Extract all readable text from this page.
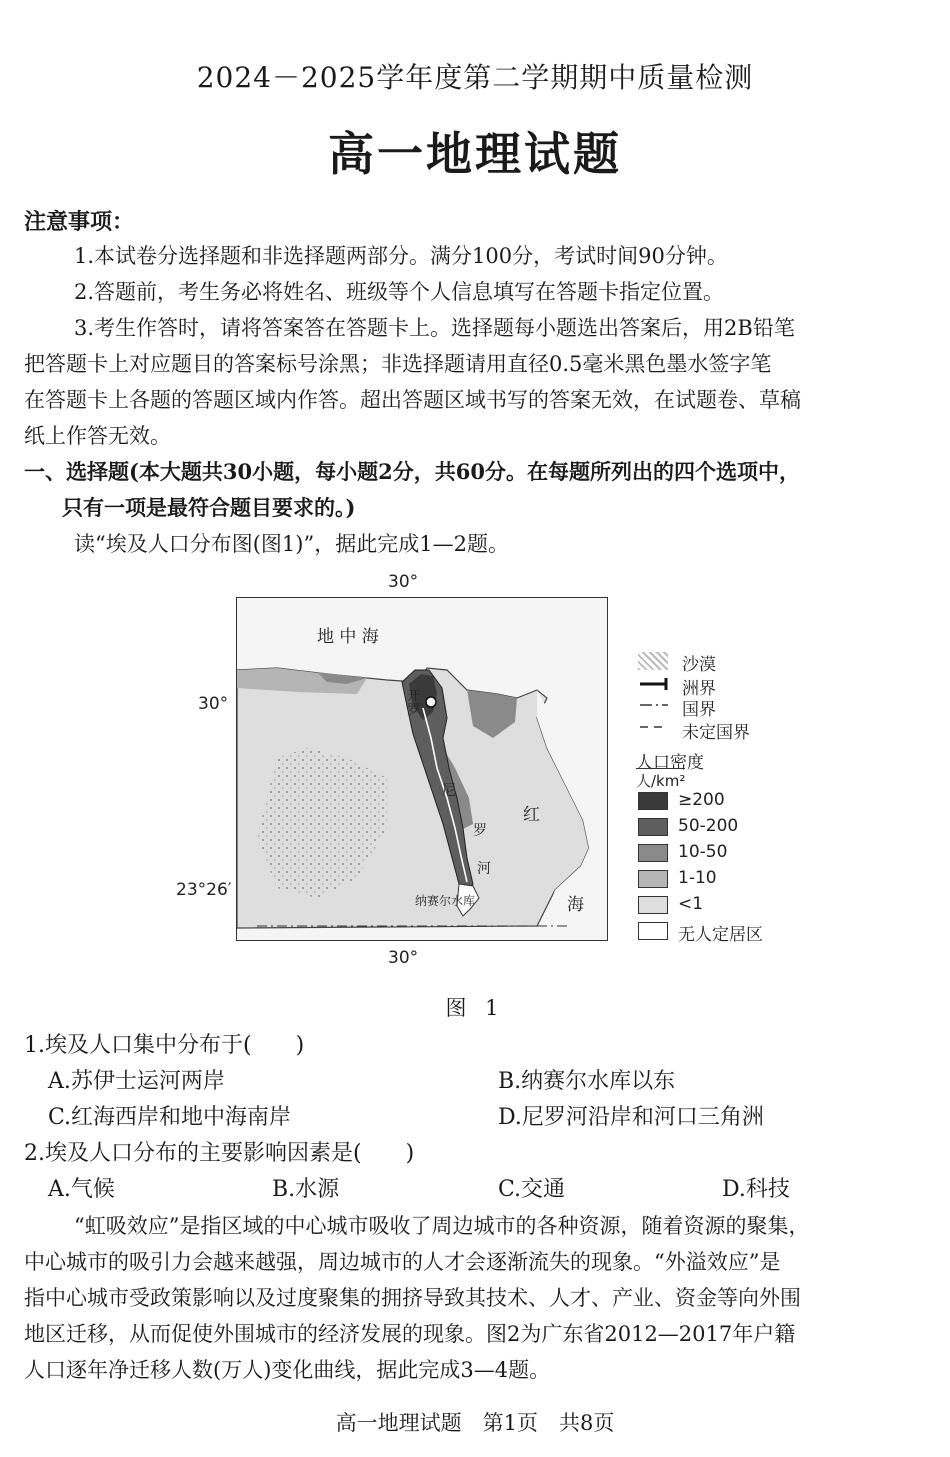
2024－2025学年度第二学期期中质量检测
高一地理试题
注意事项：
1.本试卷分选择题和非选择题两部分。满分100分，考试时间90分钟。
2.答题前，考生务必将姓名、班级等个人信息填写在答题卡指定位置。
3.考生作答时，请将答案答在答题卡上。选择题每小题选出答案后，用2B铅笔
把答题卡上对应题目的答案标号涂黑；非选择题请用直径0.5毫米黑色墨水签字笔
在答题卡上各题的答题区域内作答。超出答题区域书写的答案无效，在试题卷、草稿
纸上作答无效。
一、选择题(本大题共30小题，每小题2分，共60分。在每题所列出的四个选项中，
只有一项是最符合题目要求的。)
读“埃及人口分布图(图1)”，据此完成1—2题。
30°
30°
23°26′
30°
地 中 海
开罗
尼
罗
河
纳赛尔水库
红
海
沙漠
洲界
国界
未定国界
人口密度
人/km²
≥200
50-200
10-50
1-10
<1
无人定居区
图 1
1.埃及人口集中分布于(　　)
A.苏伊士运河两岸	B.纳赛尔水库以东
C.红海西岸和地中海南岸	D.尼罗河沿岸和河口三角洲
2.埃及人口分布的主要影响因素是(　　)
A.气候	B.水源	C.交通	D.科技
“虹吸效应”是指区域的中心城市吸收了周边城市的各种资源，随着资源的聚集，
中心城市的吸引力会越来越强，周边城市的人才会逐渐流失的现象。“外溢效应”是
指中心城市受政策影响以及过度聚集的拥挤导致其技术、人才、产业、资金等向外围
地区迁移，从而促使外围城市的经济发展的现象。图2为广东省2012—2017年户籍
人口逐年净迁移人数(万人)变化曲线，据此完成3—4题。
高一地理试题　第1页　共8页
